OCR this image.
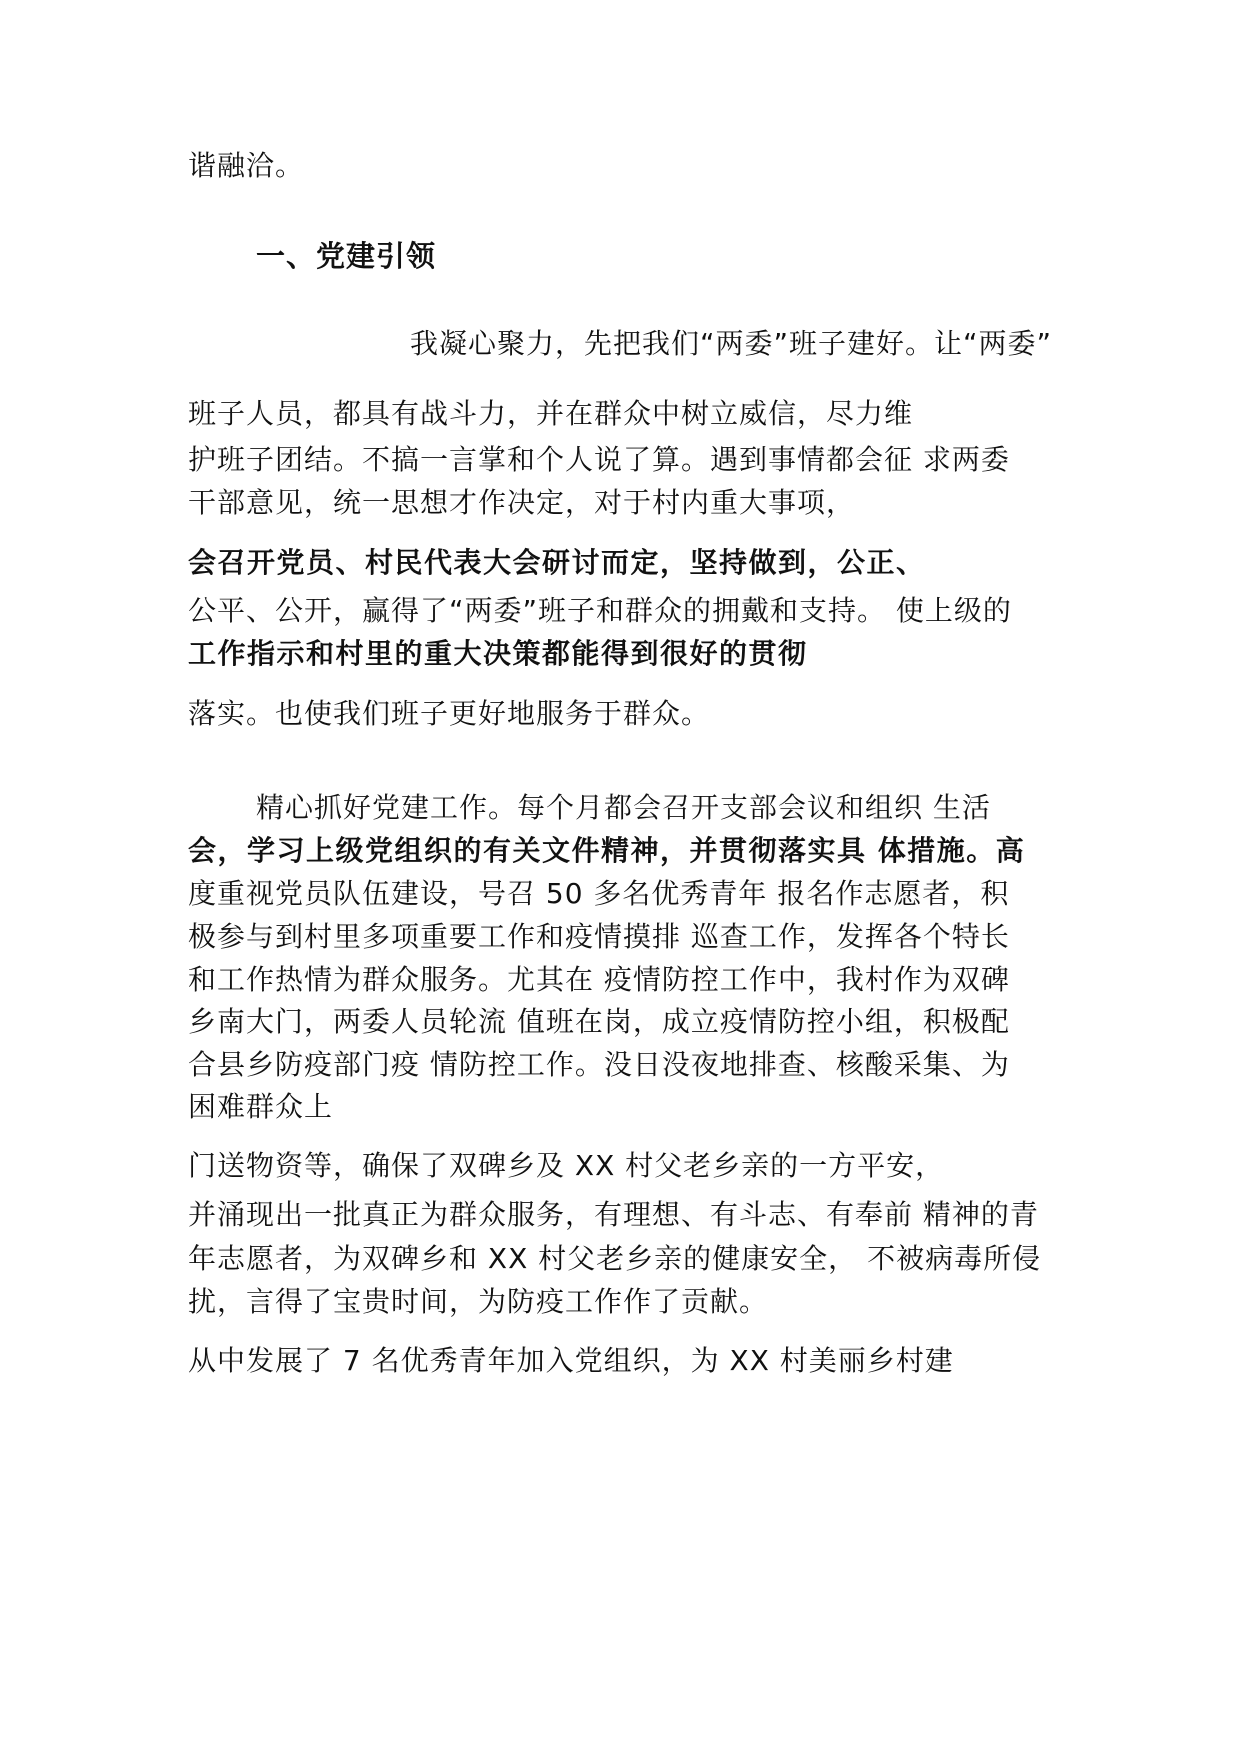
谐融洽。
一、党建引领
我凝心聚力，先把我们“两委”班子建好。让“两委”
班子人员，都具有战斗力，并在群众中树立威信，尽力维
护班子团结。不搞一言掌和个人说了算。遇到事情都会征 求两委
干部意见，统一思想才作决定，对于村内重大事项，
会召开党员、村民代表大会研讨而定，坚持做到，公正、
公平、公开，赢得了“两委”班子和群众的拥戴和支持。 使上级的
工作指示和村里的重大决策都能得到很好的贯彻
落实。也使我们班子更好地服务于群众。
精心抓好党建工作。每个月都会召开支部会议和组织 生活
会，学习上级党组织的有关文件精神，并贯彻落实具 体措施。高
度重视党员队伍建设，号召 50 多名优秀青年 报名作志愿者，积
极参与到村里多项重要工作和疫情摸排 巡查工作，发挥各个特长
和工作热情为群众服务。尤其在 疫情防控工作中，我村作为双碑
乡南大门，两委人员轮流 值班在岗，成立疫情防控小组，积极配
合县乡防疫部门疫 情防控工作。没日没夜地排查、核酸采集、为
困难群众上
门送物资等，确保了双碑乡及 XX 村父老乡亲的一方平安，
并涌现出一批真正为群众服务，有理想、有斗志、有奉前 精神的青
年志愿者，为双碑乡和 XX 村父老乡亲的健康安全， 不被病毒所侵
扰，言得了宝贵时间，为防疫工作作了贡献。
从中发展了 7 名优秀青年加入党组织，为 XX 村美丽乡村建
